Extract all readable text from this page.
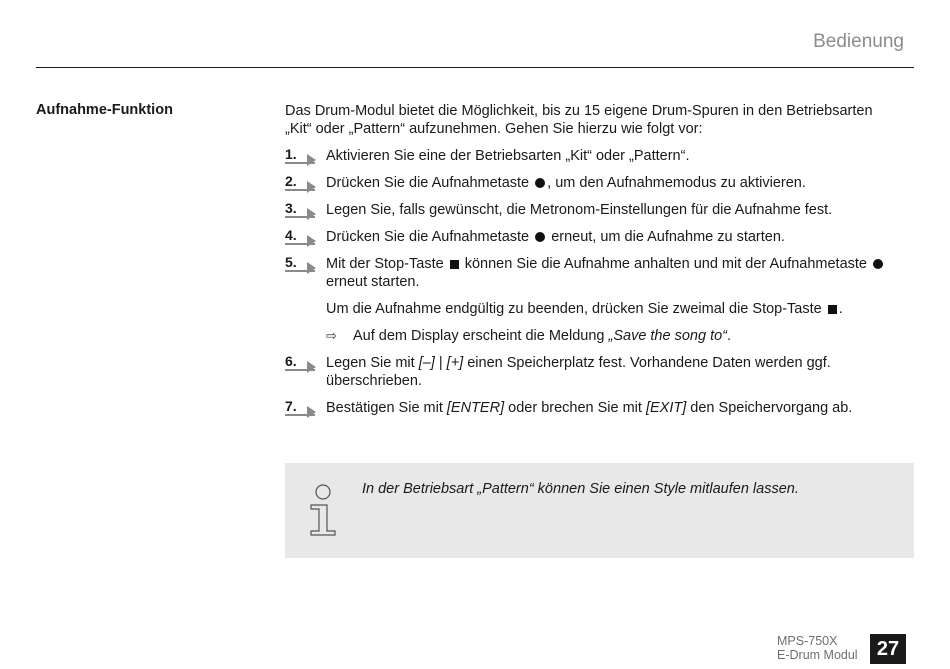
Bedienung
Aufnahme-Funktion	Das Drum-Modul bietet die Möglichkeit, bis zu 15 eigene Drum-Spuren in den Betriebsarten „Kit“ oder „Pattern“ aufzunehmen. Gehen Sie hierzu wie folgt vor:

1. Aktivieren Sie eine der Betriebsarten „Kit“ oder „Pattern“.
2. Drücken Sie die Aufnahmetaste , um den Aufnahmemodus zu aktivieren.
3. Legen Sie, falls gewünscht, die Metronom-Einstellungen für die Aufnahme fest.
4. Drücken Sie die Aufnahmetaste erneut, um die Aufnahme zu starten.
5. Mit der Stop-Taste können Sie die Aufnahme anhalten und mit der Aufnahmetaste  erneut starten.

Um die Aufnahme endgültig zu beenden, drücken Sie zweimal die Stop-Taste .

⇨ Auf dem Display erscheint die Meldung „Save the song to“.
6. Legen Sie mit [–] | [+] einen Speicherplatz fest. Vorhandene Daten werden ggf. überschrieben.
7. Bestätigen Sie mit [ENTER] oder brechen Sie mit [EXIT] den Speichervorgang ab.
In der Betriebsart „Pattern“ können Sie einen Style mitlaufen lassen.
MPS-750X
E-Drum Modul 27
